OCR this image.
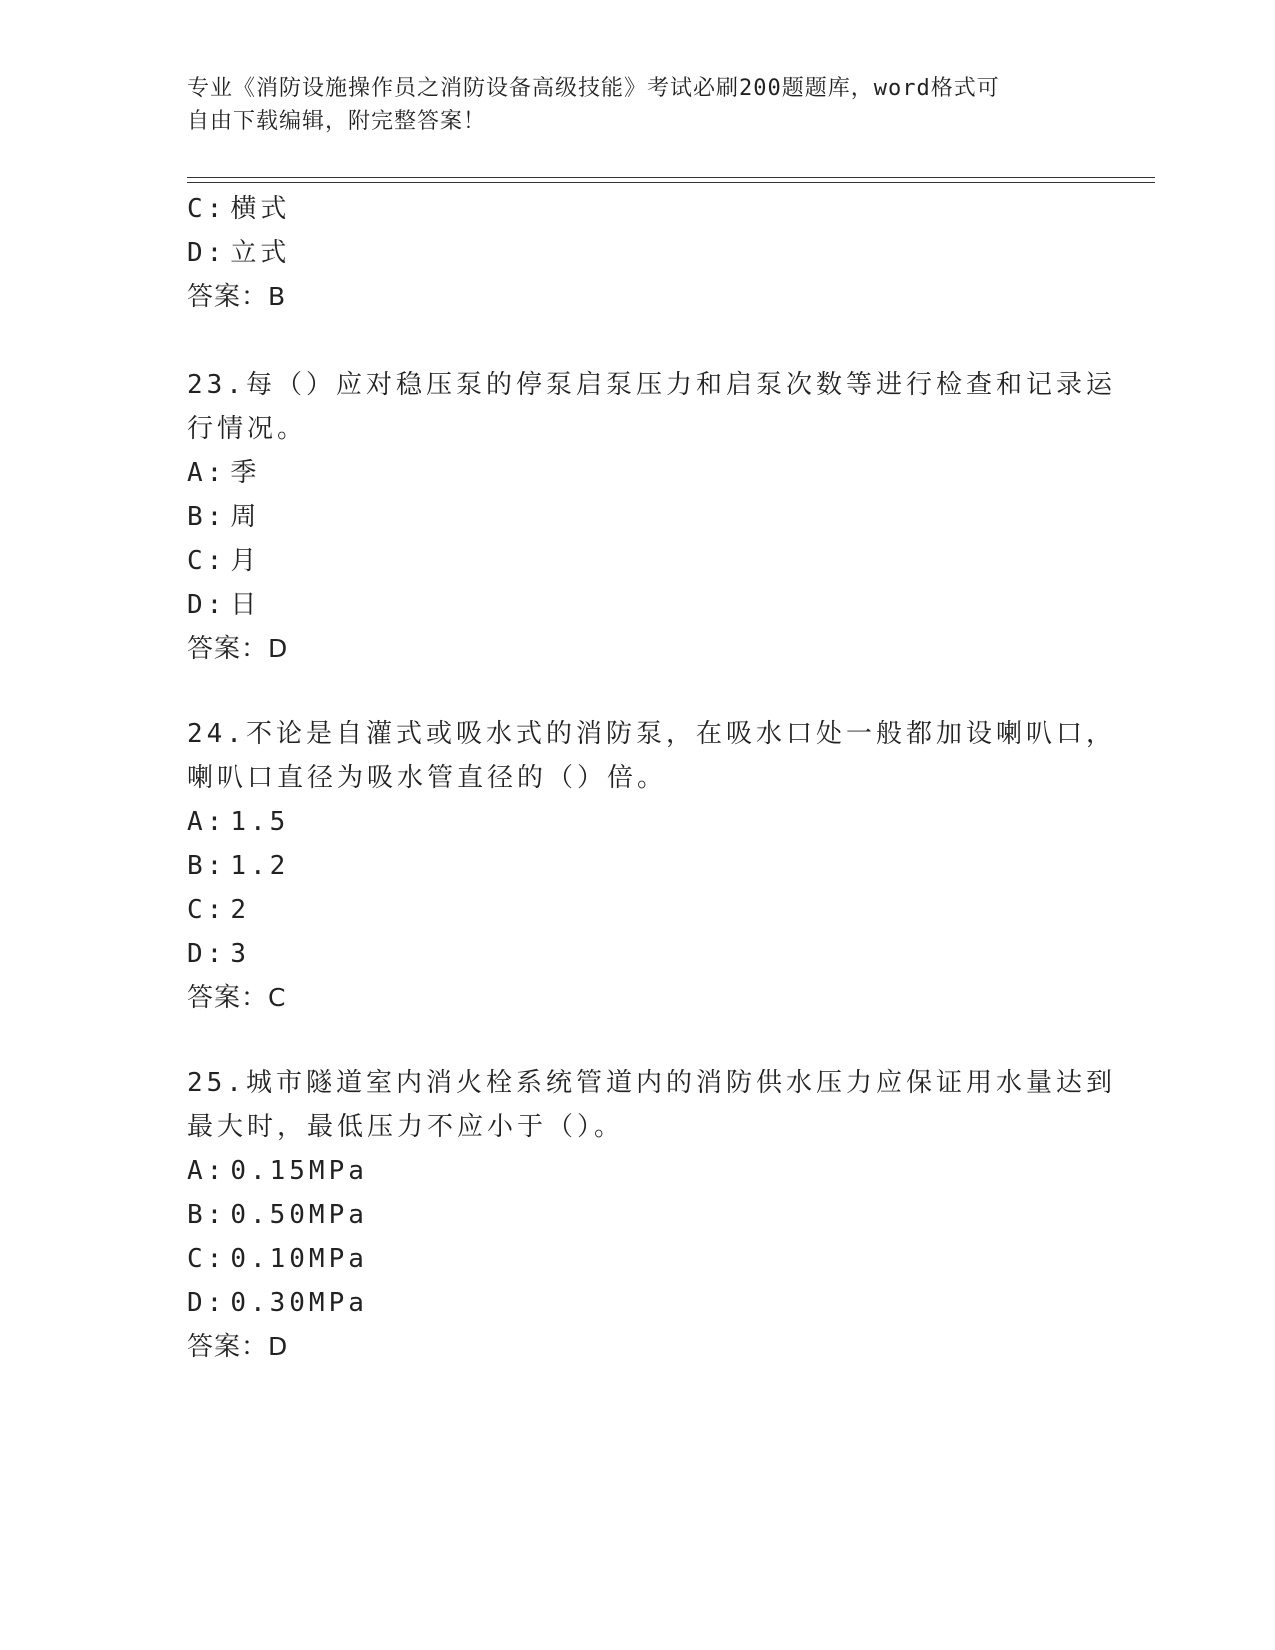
专业《消防设施操作员之消防设备高级技能》考试必刷200题题库，word格式可
自由下载编辑，附完整答案！
C: 横式
D: 立式
答案：B
23.每（）应对稳压泵的停泵启泵压力和启泵次数等进行检查和记录运
行情况。
A: 季
B: 周
C: 月
D: 日
答案：D
24.不论是自灌式或吸水式的消防泵，在吸水口处一般都加设喇叭口，
喇叭口直径为吸水管直径的（）倍。
A: 1.5
B: 1.2
C: 2
D: 3
答案：C
25.城市隧道室内消火栓系统管道内的消防供水压力应保证用水量达到
最大时，最低压力不应小于（）。
A: 0.15MPa
B: 0.50MPa
C: 0.10MPa
D: 0.30MPa
答案：D
